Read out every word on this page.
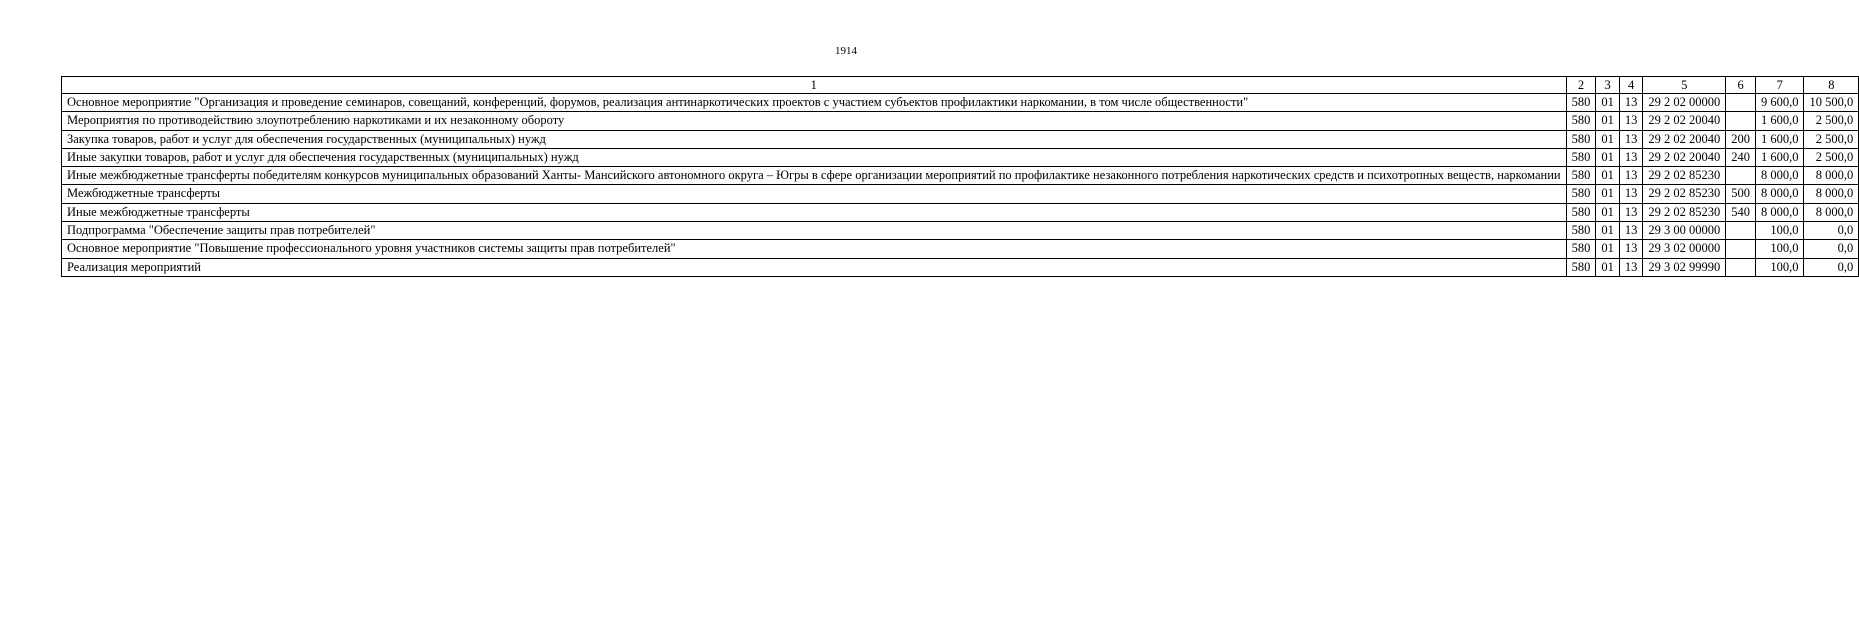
1914
1	2	3	4	5	6	7	8
Основное мероприятие "Организация и проведение семинаров, совещаний, конференций, форумов, реализация антинаркотических проектов с участием субъектов профилактики наркомании, в том числе общественности"	580	01	13	29 2 02 00000		9 600,0	10 500,0
Мероприятия по противодействию злоупотреблению наркотиками и их незаконному обороту	580	01	13	29 2 02 20040		1 600,0	2 500,0
Закупка товаров, работ и услуг для обеспечения государственных (муниципальных) нужд	580	01	13	29 2 02 20040	200	1 600,0	2 500,0
Иные закупки товаров, работ и услуг для обеспечения государственных (муниципальных) нужд	580	01	13	29 2 02 20040	240	1 600,0	2 500,0
Иные межбюджетные трансферты победителям конкурсов муниципальных образований Ханты- Мансийского автономного округа – Югры в сфере организации мероприятий по профилактике незаконного потребления наркотических средств и психотропных веществ, наркомании	580	01	13	29 2 02 85230		8 000,0	8 000,0
Межбюджетные трансферты	580	01	13	29 2 02 85230	500	8 000,0	8 000,0
Иные межбюджетные трансферты	580	01	13	29 2 02 85230	540	8 000,0	8 000,0
Подпрограмма "Обеспечение защиты прав потребителей"	580	01	13	29 3 00 00000		100,0	0,0
Основное мероприятие "Повышение профессионального уровня участников системы защиты прав потребителей"	580	01	13	29 3 02 00000		100,0	0,0
Реализация мероприятий	580	01	13	29 3 02 99990		100,0	0,0
